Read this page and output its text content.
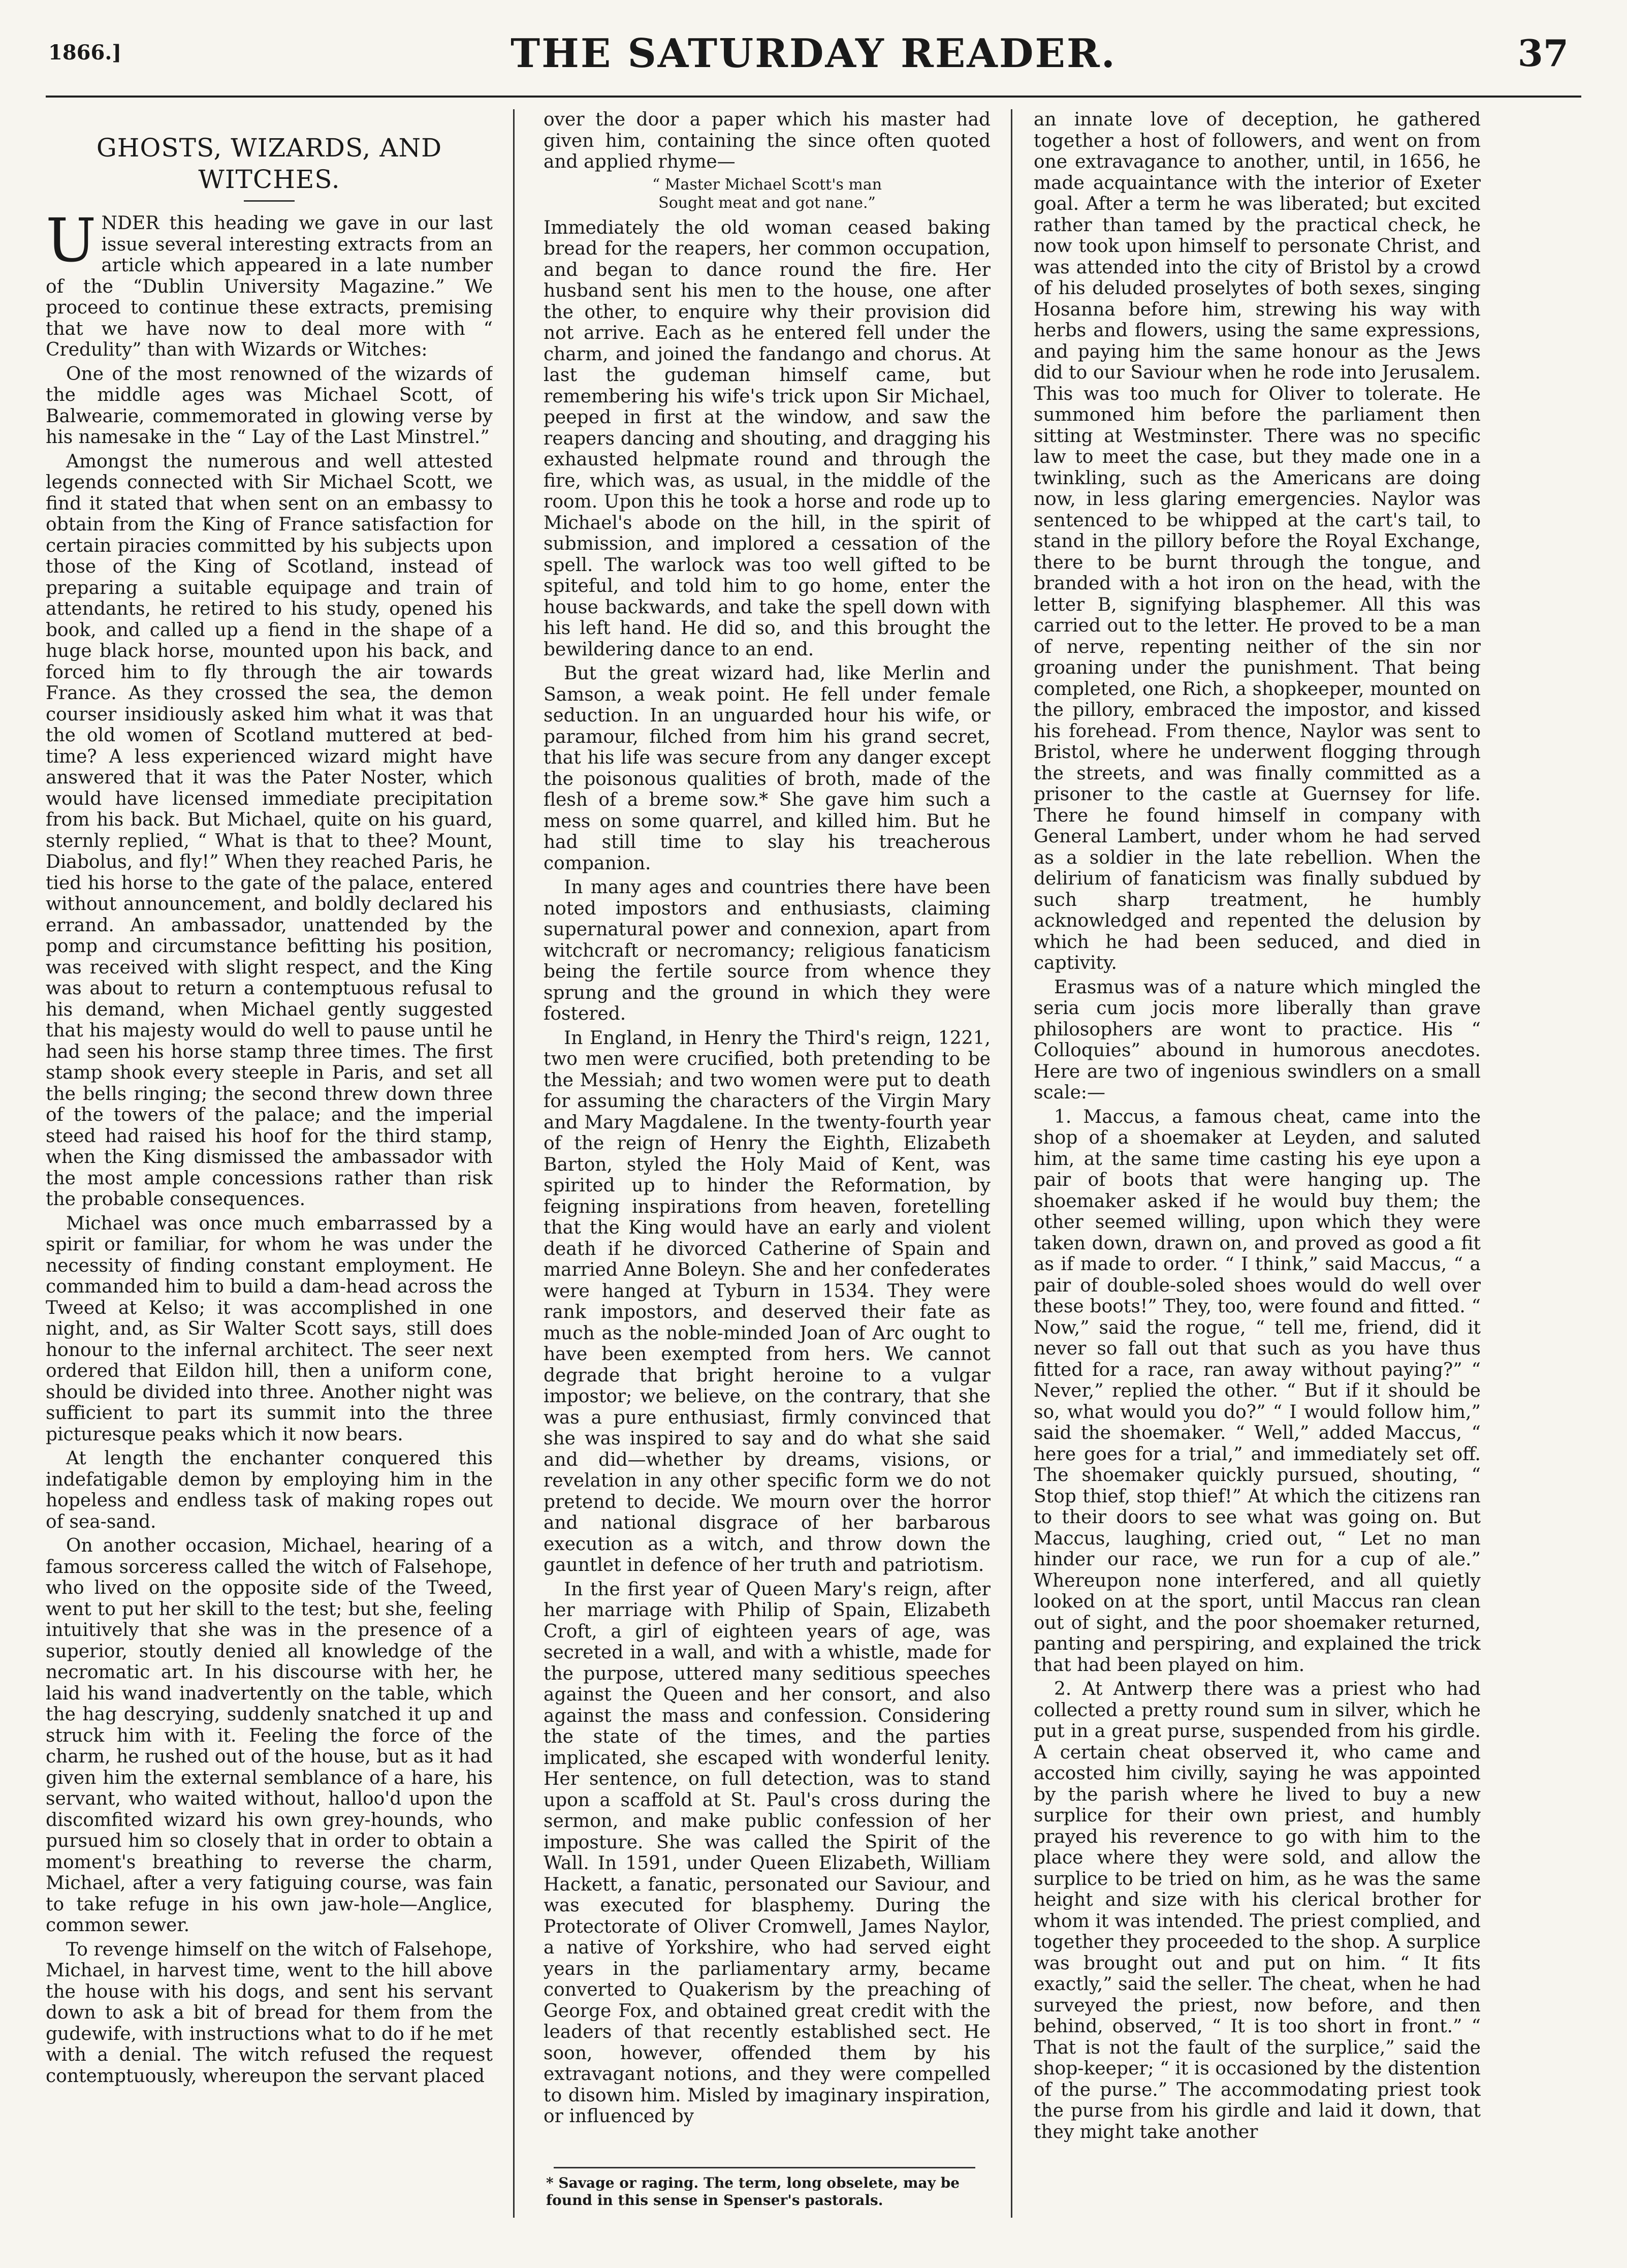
1866.]	THE SATURDAY READER.	37
GHOSTS, WIZARDS, AND
WITCHES.

UNDER this heading we gave in our last issue several interesting extracts from an article which appeared in a late number of the “Dublin University Magazine.” We proceed to continue these extracts, premising that we have now to deal more with “ Credulity” than with Wizards or Witches:

One of the most renowned of the wizards of the middle ages was Michael Scott, of Balwearie, commemorated in glowing verse by his namesake in the “ Lay of the Last Minstrel.”

Amongst the numerous and well attested legends connected with Sir Michael Scott, we find it stated that when sent on an embassy to obtain from the King of France satisfaction for certain piracies committed by his subjects upon those of the King of Scotland, instead of preparing a suitable equipage and train of attendants, he retired to his study, opened his book, and called up a fiend in the shape of a huge black horse, mounted upon his back, and forced him to fly through the air towards France. As they crossed the sea, the demon courser insidiously asked him what it was that the old women of Scotland muttered at bed-time? A less experienced wizard might have answered that it was the Pater Noster, which would have licensed immediate precipitation from his back. But Michael, quite on his guard, sternly replied, “ What is that to thee? Mount, Diabolus, and fly!” When they reached Paris, he tied his horse to the gate of the palace, entered without announcement, and boldly declared his errand. An ambassador, unattended by the pomp and circumstance befitting his position, was received with slight respect, and the King was about to return a contemptuous refusal to his demand, when Michael gently suggested that his majesty would do well to pause until he had seen his horse stamp three times. The first stamp shook every steeple in Paris, and set all the bells ringing; the second threw down three of the towers of the palace; and the imperial steed had raised his hoof for the third stamp, when the King dismissed the ambassador with the most ample concessions rather than risk the probable consequences.

Michael was once much embarrassed by a spirit or familiar, for whom he was under the necessity of finding constant employment. He commanded him to build a dam-head across the Tweed at Kelso; it was accomplished in one night, and, as Sir Walter Scott says, still does honour to the infernal architect. The seer next ordered that Eildon hill, then a uniform cone, should be divided into three. Another night was sufficient to part its summit into the three picturesque peaks which it now bears.

At length the enchanter conquered this indefatigable demon by employing him in the hopeless and endless task of making ropes out of sea-sand.

On another occasion, Michael, hearing of a famous sorceress called the witch of Falsehope, who lived on the opposite side of the Tweed, went to put her skill to the test; but she, feeling intuitively that she was in the presence of a superior, stoutly denied all knowledge of the necromatic art. In his discourse with her, he laid his wand inadvertently on the table, which the hag descrying, suddenly snatched it up and struck him with it. Feeling the force of the charm, he rushed out of the house, but as it had given him the external semblance of a hare, his servant, who waited without, halloo'd upon the discomfited wizard his own grey-hounds, who pursued him so closely that in order to obtain a moment's breathing to reverse the charm, Michael, after a very fatiguing course, was fain to take refuge in his own jaw-hole—Anglice, common sewer.

To revenge himself on the witch of Falsehope, Michael, in harvest time, went to the hill above the house with his dogs, and sent his servant down to ask a bit of bread for them from the gudewife, with instructions what to do if he met with a denial. The witch refused the request contemptuously, whereupon the servant placed

over the door a paper which his master had given him, containing the since often quoted and applied rhyme—

“ Master Michael Scott's man
Sought meat and got nane.”

Immediately the old woman ceased baking bread for the reapers, her common occupation, and began to dance round the fire. Her husband sent his men to the house, one after the other, to enquire why their provision did not arrive. Each as he entered fell under the charm, and joined the fandango and chorus. At last the gudeman himself came, but remembering his wife's trick upon Sir Michael, peeped in first at the window, and saw the reapers dancing and shouting, and dragging his exhausted helpmate round and through the fire, which was, as usual, in the middle of the room. Upon this he took a horse and rode up to Michael's abode on the hill, in the spirit of submission, and implored a cessation of the spell. The warlock was too well gifted to be spiteful, and told him to go home, enter the house backwards, and take the spell down with his left hand. He did so, and this brought the bewildering dance to an end.

But the great wizard had, like Merlin and Samson, a weak point. He fell under female seduction. In an unguarded hour his wife, or paramour, filched from him his grand secret, that his life was secure from any danger except the poisonous qualities of broth, made of the flesh of a breme sow.* She gave him such a mess on some quarrel, and killed him. But he had still time to slay his treacherous companion.

In many ages and countries there have been noted impostors and enthusiasts, claiming supernatural power and connexion, apart from witchcraft or necromancy; religious fanaticism being the fertile source from whence they sprung and the ground in which they were fostered.

In England, in Henry the Third's reign, 1221, two men were crucified, both pretending to be the Messiah; and two women were put to death for assuming the characters of the Virgin Mary and Mary Magdalene. In the twenty-fourth year of the reign of Henry the Eighth, Elizabeth Barton, styled the Holy Maid of Kent, was spirited up to hinder the Reformation, by feigning inspirations from heaven, foretelling that the King would have an early and violent death if he divorced Catherine of Spain and married Anne Boleyn. She and her confederates were hanged at Tyburn in 1534. They were rank impostors, and deserved their fate as much as the noble-minded Joan of Arc ought to have been exempted from hers. We cannot degrade that bright heroine to a vulgar impostor; we believe, on the contrary, that she was a pure enthusiast, firmly convinced that she was inspired to say and do what she said and did—whether by dreams, visions, or revelation in any other specific form we do not pretend to decide. We mourn over the horror and national disgrace of her barbarous execution as a witch, and throw down the gauntlet in defence of her truth and patriotism.

In the first year of Queen Mary's reign, after her marriage with Philip of Spain, Elizabeth Croft, a girl of eighteen years of age, was secreted in a wall, and with a whistle, made for the purpose, uttered many seditious speeches against the Queen and her consort, and also against the mass and confession. Considering the state of the times, and the parties implicated, she escaped with wonderful lenity. Her sentence, on full detection, was to stand upon a scaffold at St. Paul's cross during the sermon, and make public confession of her imposture. She was called the Spirit of the Wall. In 1591, under Queen Elizabeth, William Hackett, a fanatic, personated our Saviour, and was executed for blasphemy. During the Protectorate of Oliver Cromwell, James Naylor, a native of Yorkshire, who had served eight years in the parliamentary army, became converted to Quakerism by the preaching of George Fox, and obtained great credit with the leaders of that recently established sect. He soon, however, offended them by his extravagant notions, and they were compelled to disown him. Misled by imaginary inspiration, or influenced by

* Savage or raging. The term, long obselete, may be found in this sense in Spenser's pastorals.

an innate love of deception, he gathered together a host of followers, and went on from one extravagance to another, until, in 1656, he made acquaintance with the interior of Exeter goal. After a term he was liberated; but excited rather than tamed by the practical check, he now took upon himself to personate Christ, and was attended into the city of Bristol by a crowd of his deluded proselytes of both sexes, singing Hosanna before him, strewing his way with herbs and flowers, using the same expressions, and paying him the same honour as the Jews did to our Saviour when he rode into Jerusalem. This was too much for Oliver to tolerate. He summoned him before the parliament then sitting at Westminster. There was no specific law to meet the case, but they made one in a twinkling, such as the Americans are doing now, in less glaring emergencies. Naylor was sentenced to be whipped at the cart's tail, to stand in the pillory before the Royal Exchange, there to be burnt through the tongue, and branded with a hot iron on the head, with the letter B, signifying blasphemer. All this was carried out to the letter. He proved to be a man of nerve, repenting neither of the sin nor groaning under the punishment. That being completed, one Rich, a shopkeeper, mounted on the pillory, embraced the impostor, and kissed his forehead. From thence, Naylor was sent to Bristol, where he underwent flogging through the streets, and was finally committed as a prisoner to the castle at Guernsey for life. There he found himself in company with General Lambert, under whom he had served as a soldier in the late rebellion. When the delirium of fanaticism was finally subdued by such sharp treatment, he humbly acknowledged and repented the delusion by which he had been seduced, and died in captivity.

Erasmus was of a nature which mingled the seria cum jocis more liberally than grave philosophers are wont to practice. His “ Colloquies” abound in humorous anecdotes. Here are two of ingenious swindlers on a small scale:—

1. Maccus, a famous cheat, came into the shop of a shoemaker at Leyden, and saluted him, at the same time casting his eye upon a pair of boots that were hanging up. The shoemaker asked if he would buy them; the other seemed willing, upon which they were taken down, drawn on, and proved as good a fit as if made to order. “ I think,” said Maccus, “ a pair of double-soled shoes would do well over these boots!” They, too, were found and fitted. “ Now,” said the rogue, “ tell me, friend, did it never so fall out that such as you have thus fitted for a race, ran away without paying?” “ Never,” replied the other. “ But if it should be so, what would you do?” “ I would follow him,” said the shoemaker. “ Well,” added Maccus, “ here goes for a trial,” and immediately set off. The shoemaker quickly pursued, shouting, “ Stop thief, stop thief!” At which the citizens ran to their doors to see what was going on. But Maccus, laughing, cried out, “ Let no man hinder our race, we run for a cup of ale.” Whereupon none interfered, and all quietly looked on at the sport, until Maccus ran clean out of sight, and the poor shoemaker returned, panting and perspiring, and explained the trick that had been played on him.

2. At Antwerp there was a priest who had collected a pretty round sum in silver, which he put in a great purse, suspended from his girdle. A certain cheat observed it, who came and accosted him civilly, saying he was appointed by the parish where he lived to buy a new surplice for their own priest, and humbly prayed his reverence to go with him to the place where they were sold, and allow the surplice to be tried on him, as he was the same height and size with his clerical brother for whom it was intended. The priest complied, and together they proceeded to the shop. A surplice was brought out and put on him. “ It fits exactly,” said the seller. The cheat, when he had surveyed the priest, now before, and then behind, observed, “ It is too short in front.” “ That is not the fault of the surplice,” said the shop-keeper; “ it is occasioned by the distention of the purse.” The accommodating priest took the purse from his girdle and laid it down, that they might take another
